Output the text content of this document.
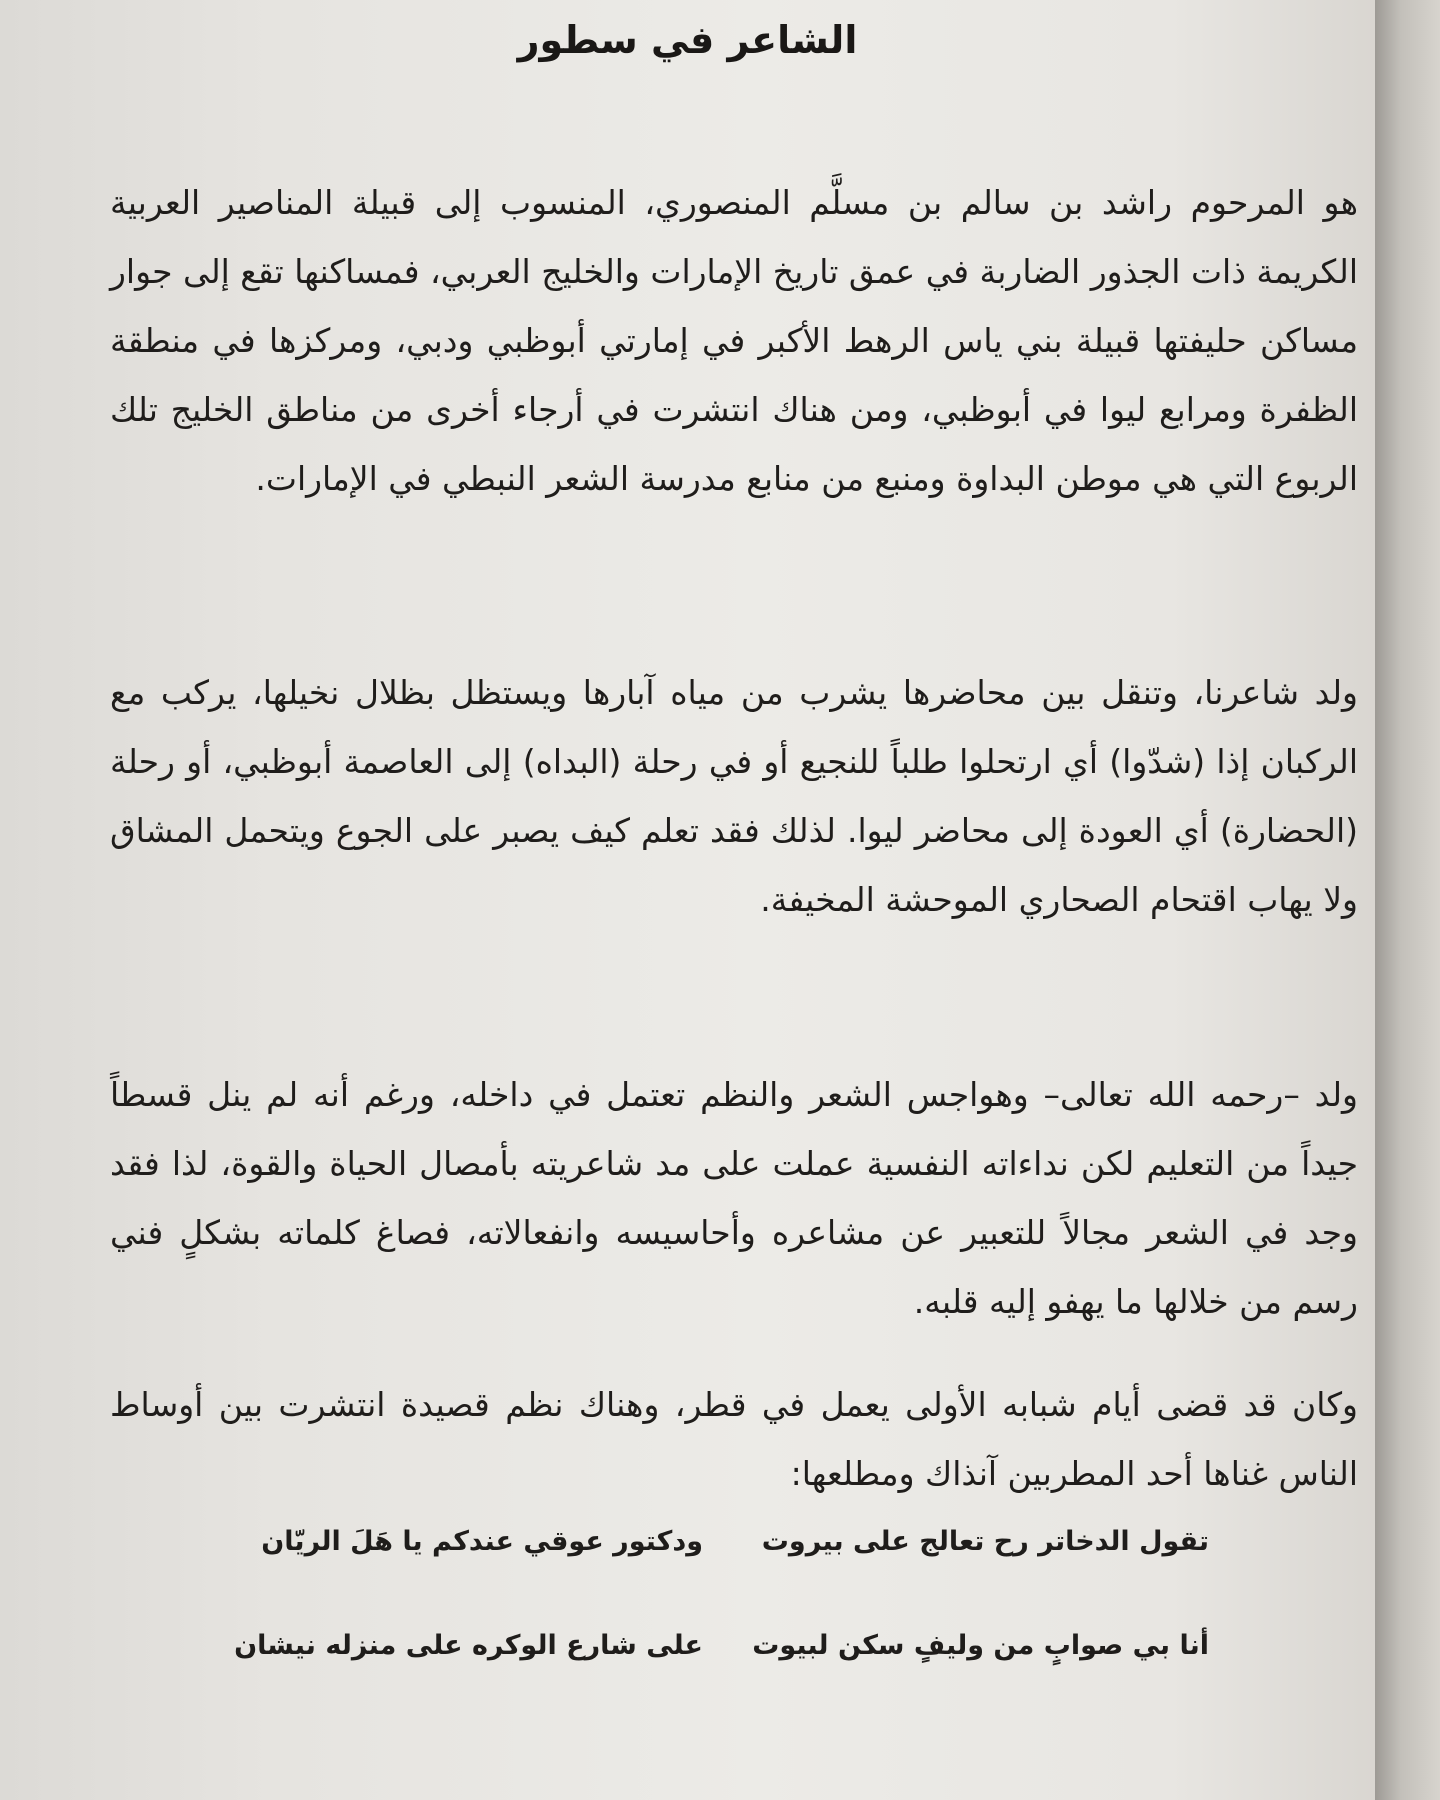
الشاعر في سطور

هو المرحوم راشد بن سالم بن مسلَّم المنصوري، المنسوب إلى قبيلة المناصير العربية الكريمة ذات الجذور الضاربة في عمق تاريخ الإمارات والخليج العربي، فمساكنها تقع إلى جوار مساكن حليفتها قبيلة بني ياس الرهط الأكبر في إمارتي أبوظبي ودبي، ومركزها في منطقة الظفرة ومرابع ليوا في أبوظبي، ومن هناك انتشرت في أرجاء أخرى من مناطق الخليج تلك الربوع التي هي موطن البداوة ومنبع من منابع مدرسة الشعر النبطي في الإمارات.

ولد شاعرنا، وتنقل بين محاضرها يشرب من مياه آبارها ويستظل بظلال نخيلها، يركب مع الركبان إذا (شدّوا) أي ارتحلوا طلباً للنجيع أو في رحلة (البداه) إلى العاصمة أبوظبي، أو رحلة (الحضارة) أي العودة إلى محاضر ليوا. لذلك فقد تعلم كيف يصبر على الجوع ويتحمل المشاق ولا يهاب اقتحام الصحاري الموحشة المخيفة.

ولد –رحمه الله تعالى– وهواجس الشعر والنظم تعتمل في داخله، ورغم أنه لم ينل قسطاً جيداً من التعليم لكن نداءاته النفسية عملت على مد شاعريته بأمصال الحياة والقوة، لذا فقد وجد في الشعر مجالاً للتعبير عن مشاعره وأحاسيسه وانفعالاته، فصاغ كلماته بشكلٍ فني رسم من خلالها ما يهفو إليه قلبه.

وكان قد قضى أيام شبابه الأولى يعمل في قطر، وهناك نظم قصيدة انتشرت بين أوساط الناس غناها أحد المطربين آنذاك ومطلعها:

تقول الدخاتر رح تعالج على بيروت
ودكتور عوقي عندكم يا هَلَ الريّان
أنا بي صوابٍ من وليفٍ سكن لبيوت
على شارع الوكره على منزله نيشان
